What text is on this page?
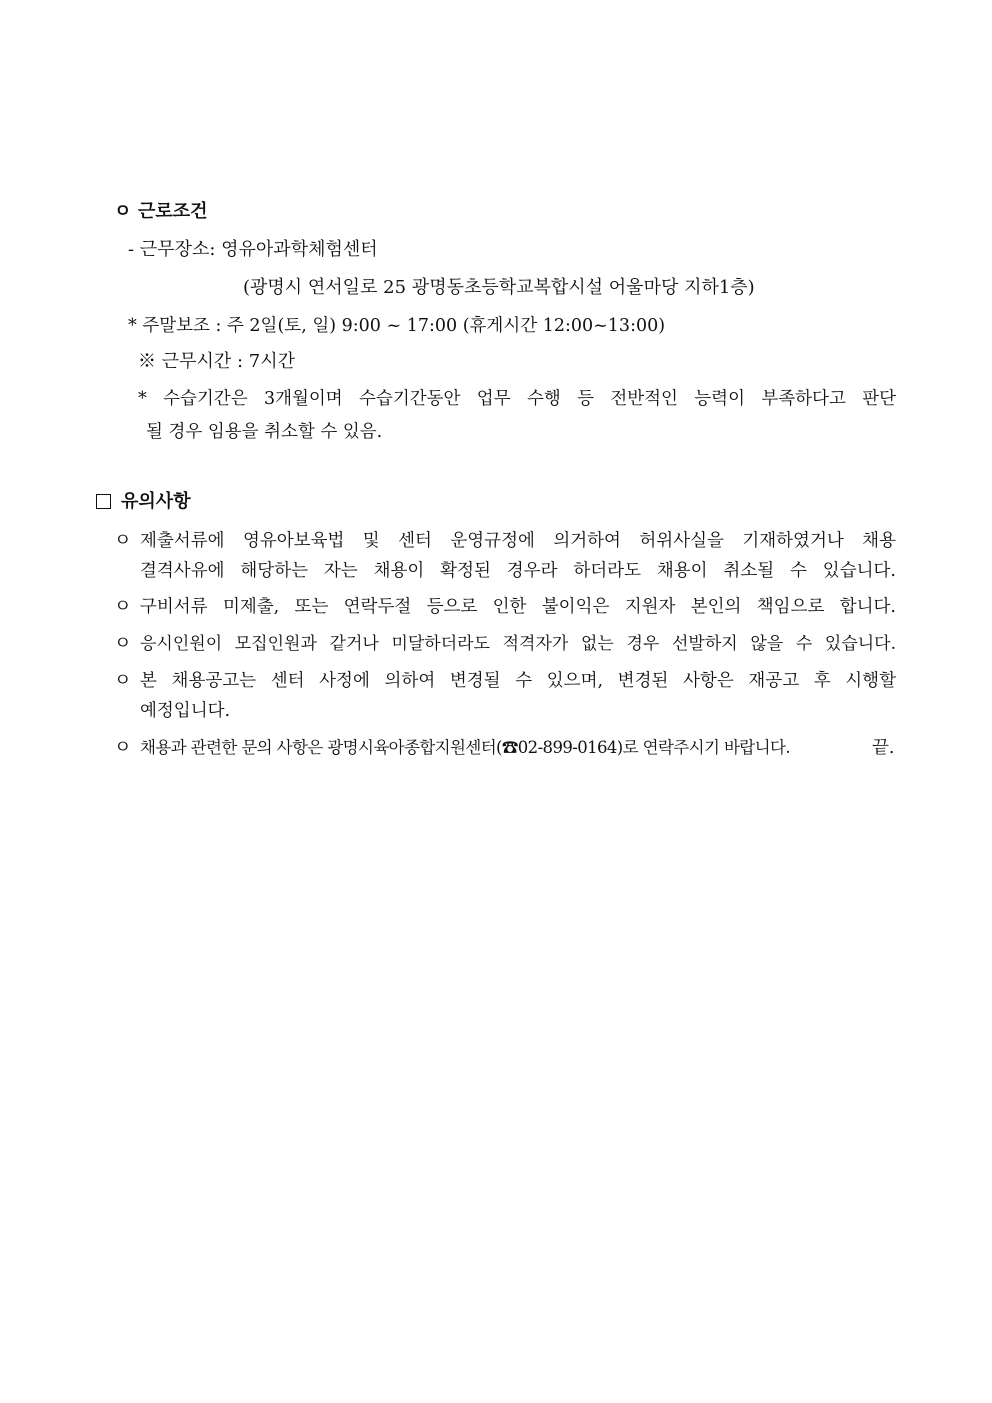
ㅇ 근로조건
- 근무장소: 영유아과학체험센터
(광명시 연서일로 25 광명동초등학교복합시설 어울마당 지하1층)
* 주말보조 : 주 2일(토, 일) 9:00 ~ 17:00 (휴게시간 12:00~13:00)
※ 근무시간 : 7시간
* 수습기간은 3개월이며 수습기간동안 업무 수행 등 전반적인 능력이 부족하다고 판단
될 경우 임용을 취소할 수 있음.
유의사항
ㅇ 제출서류에 영유아보육법 및 센터 운영규정에 의거하여 허위사실을 기재하였거나 채용
결격사유에 해당하는 자는 채용이 확정된 경우라 하더라도 채용이 취소될 수 있습니다.
ㅇ 구비서류 미제출, 또는 연락두절 등으로 인한 불이익은 지원자 본인의 책임으로 합니다.
ㅇ 응시인원이 모집인원과 같거나 미달하더라도 적격자가 없는 경우 선발하지 않을 수 있습니다.
ㅇ 본 채용공고는 센터 사정에 의하여 변경될 수 있으며, 변경된 사항은 재공고 후 시행할
예정입니다.
ㅇ 채용과 관련한 문의 사항은 광명시육아종합지원센터(☎02-899-0164)로 연락주시기 바랍니다.	끝.
